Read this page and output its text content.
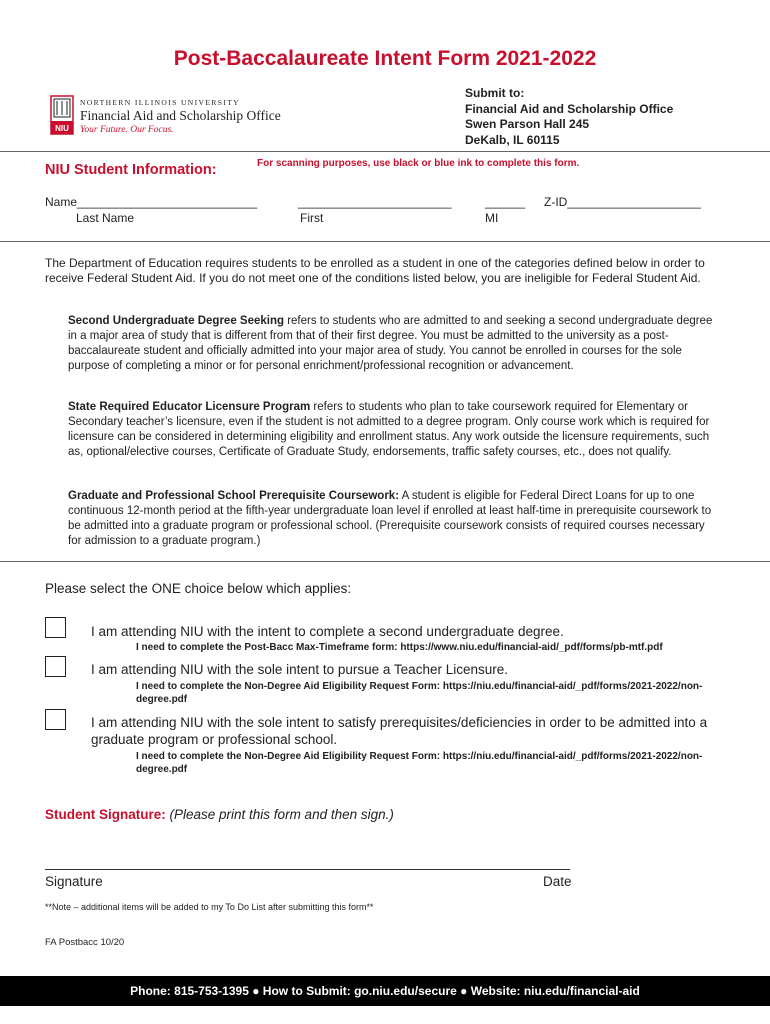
Post-Baccalaureate Intent Form 2021-2022
NIU
NORTHERN ILLINOIS UNIVERSITY
Financial Aid and Scholarship Office
Your Future. Our Focus.
Submit to:
Financial Aid and Scholarship Office
Swen Parson Hall 245
DeKalb, IL 60115
NIU Student Information:	For scanning purposes, use black or blue ink to complete this form.
Name___________________________	_______________________	______ Z-ID____________________
Last Name	First	MI
The Department of Education requires students to be enrolled as a student in one of the categories defined below in order to receive Federal Student Aid. If you do not meet one of the conditions listed below, you are ineligible for Federal Student Aid.
Second Undergraduate Degree Seeking refers to students who are admitted to and seeking a second undergraduate degree in a major area of study that is different from that of their first degree. You must be admitted to the university as a post-baccalaureate student and officially admitted into your major area of study. You cannot be enrolled in courses for the sole purpose of completing a minor or for personal enrichment/professional recognition or advancement.
State Required Educator Licensure Program refers to students who plan to take coursework required for Elementary or Secondary teacher’s licensure, even if the student is not admitted to a degree program. Only course work which is required for licensure can be considered in determining eligibility and enrollment status. Any work outside the licensure requirements, such as, optional/elective courses, Certificate of Graduate Study, endorsements, traffic safety courses, etc., does not qualify.
Graduate and Professional School Prerequisite Coursework: A student is eligible for Federal Direct Loans for up to one continuous 12-month period at the fifth-year undergraduate loan level if enrolled at least half-time in prerequisite coursework to be admitted into a graduate program or professional school. (Prerequisite coursework consists of required courses necessary for admission to a graduate program.)
Please select the ONE choice below which applies:
I am attending NIU with the intent to complete a second undergraduate degree.
I need to complete the Post-Bacc Max-Timeframe form: https://www.niu.edu/financial-aid/_pdf/forms/pb-mtf.pdf
I am attending NIU with the sole intent to pursue a Teacher Licensure.
I need to complete the Non-Degree Aid Eligibility Request Form: https://niu.edu/financial-aid/_pdf/forms/2021-2022/non-degree.pdf
I am attending NIU with the sole intent to satisfy prerequisites/deficiencies in order to be admitted into a graduate program or professional school.
I need to complete the Non-Degree Aid Eligibility Request Form: https://niu.edu/financial-aid/_pdf/forms/2021-2022/non-degree.pdf
Student Signature: (Please print this form and then sign.)
Signature	Date
**Note – additional items will be added to my To Do List after submitting this form**
FA Postbacc 10/20
Phone: 815-753-1395 ● How to Submit: go.niu.edu/secure ● Website: niu.edu/financial-aid
